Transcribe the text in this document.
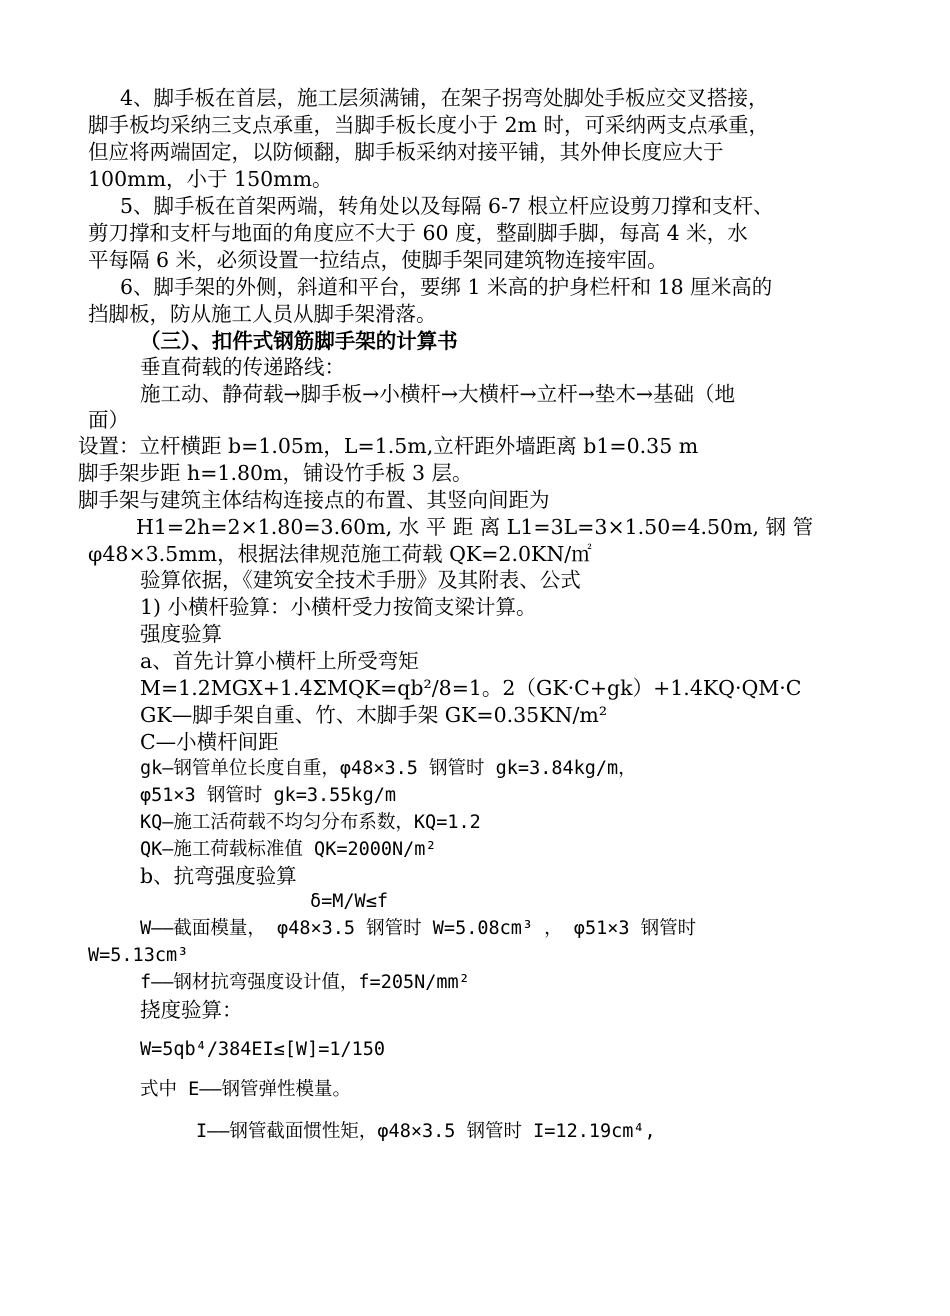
4、脚手板在首层，施工层须满铺，在架子拐弯处脚处手板应交叉搭接，

脚手板均采纳三支点承重，当脚手板长度小于 2m 时，可采纳两支点承重，

但应将两端固定，以防倾翻，脚手板采纳对接平铺，其外伸长度应大于

100mm，小于 150mm。

5、脚手板在首架两端，转角处以及每隔 6-7 根立杆应设剪刀撑和支杆、

剪刀撑和支杆与地面的角度应不大于 60 度，整副脚手脚，每高 4 米，水

平每隔 6 米，必须设置一拉结点，使脚手架同建筑物连接牢固。

6、脚手架的外侧，斜道和平台，要绑 1 米高的护身栏杆和 18 厘米高的

挡脚板，防从施工人员从脚手架滑落。

（三）、扣件式钢筋脚手架的计算书

垂直荷载的传递路线：

施工动、静荷载→脚手板→小横杆→大横杆→立杆→垫木→基础（地

面）

设置：立杆横距 b=1.05m，L=1.5m,立杆距外墙距离 b1=0.35 m

脚手架步距 h=1.80m，铺设竹手板 3 层。

脚手架与建筑主体结构连接点的布置、其竖向间距为

H1=2h=2×1.80=3.60m, 水 平 距 离 L1=3L=3×1.50=4.50m, 钢 管

φ48×3.5mm，根据法律规范施工荷载 QK=2.0KN/㎡

验算依据，《建筑安全技术手册》及其附表、公式

1) 小横杆验算：小横杆受力按简支梁计算。

强度验算

a、首先计算小横杆上所受弯矩

M=1.2MGX+1.4ΣMQK=qb²/8=1。2（GK·C+gk）+1.4KQ·QM·C

GK—脚手架自重、竹、木脚手架 GK=0.35KN/m²

C—小横杆间距

gk—钢管单位长度自重，φ48×3.5 钢管时 gk=3.84kg/m，

φ51×3 钢管时 gk=3.55kg/m

KQ—施工活荷载不均匀分布系数，KQ=1.2

QK—施工荷载标准值 QK=2000N/m²

b、抗弯强度验算

δ=M/W≤f

W——截面模量， φ48×3.5 钢管时 W=5.08cm³ ， φ51×3 钢管时

W=5.13cm³

f——钢材抗弯强度设计值，f=205N/mm²

挠度验算：

W=5qb⁴/384EI≤[W]=1/150

式中 E——钢管弹性模量。

I——钢管截面惯性矩，φ48×3.5 钢管时 I=12.19cm⁴,
